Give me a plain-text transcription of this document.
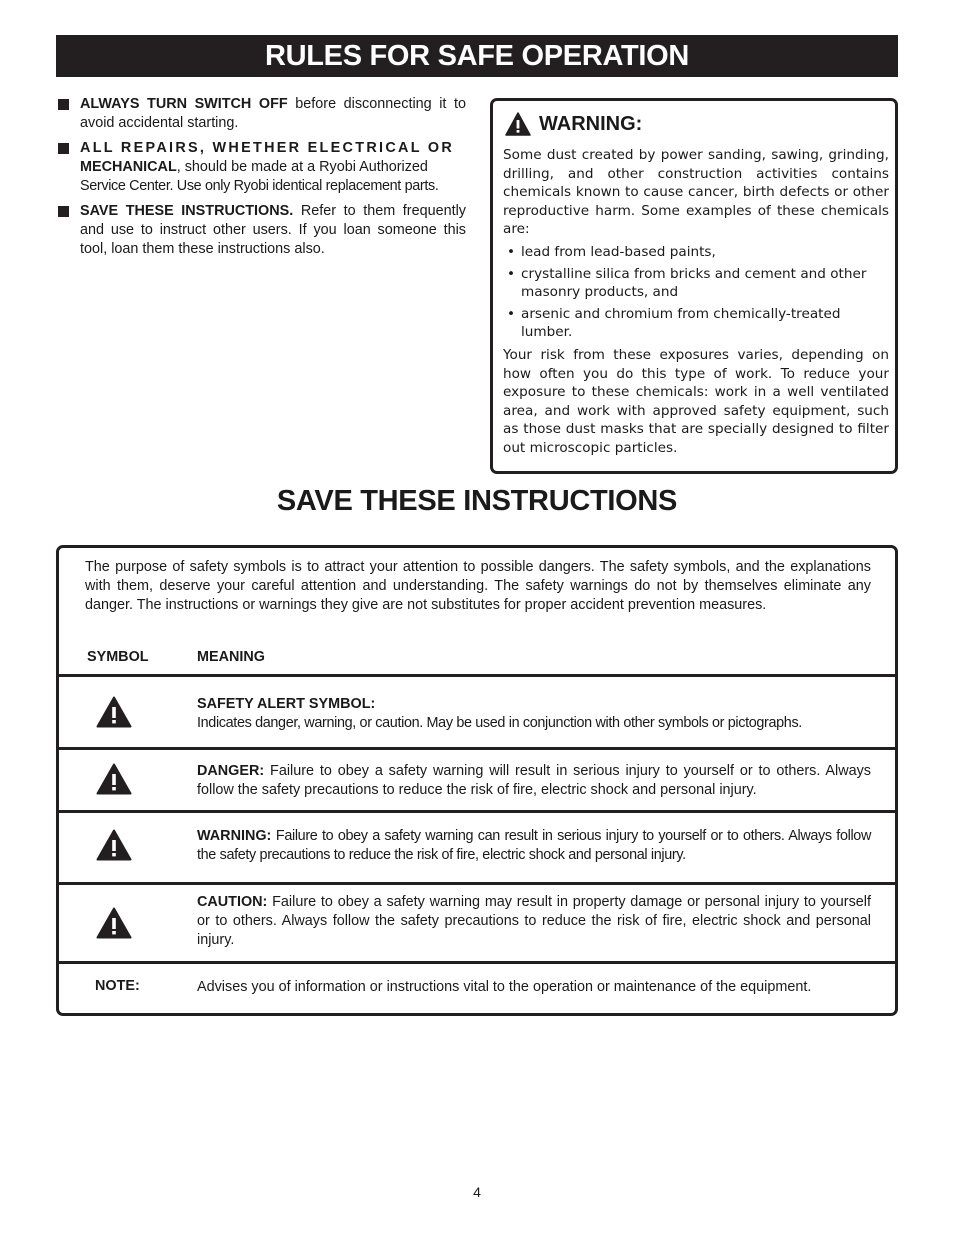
RULES FOR SAFE OPERATION
ALWAYS TURN SWITCH OFF before disconnecting it to avoid accidental starting.
ALL REPAIRS, WHETHER ELECTRICAL OR
MECHANICAL, should be made at a Ryobi Authorized
Service Center. Use only Ryobi identical replacement parts.
SAVE THESE INSTRUCTIONS. Refer to them frequently and use to instruct other users. If you loan someone this tool, loan them these instructions also.
WARNING:

Some dust created by power sanding, sawing, grinding, drilling, and other construction activities contains chemicals known to cause cancer, birth defects or other reproductive harm. Some examples of these chemicals are:

• lead from lead-based paints,
• crystalline silica from bricks and cement and other masonry products, and
• arsenic and chromium from chemically-treated lumber.

Your risk from these exposures varies, depending on how often you do this type of work. To reduce your exposure to these chemicals: work in a well ventilated area, and work with approved safety equipment, such as those dust masks that are specially designed to filter out microscopic particles.

SAVE THESE INSTRUCTIONS

The purpose of safety symbols is to attract your attention to possible dangers. The safety symbols, and the explanations with them, deserve your careful attention and understanding. The safety warnings do not by themselves eliminate any danger. The instructions or warnings they give are not substitutes for proper accident prevention measures.

SYMBOL	MEANING

SAFETY ALERT SYMBOL:
Indicates danger, warning, or caution. May be used in conjunction with other symbols or pictographs.

DANGER: Failure to obey a safety warning will result in serious injury to yourself or to others. Always follow the safety precautions to reduce the risk of fire, electric shock and personal injury.

WARNING: Failure to obey a safety warning can result in serious injury to yourself or to others. Always follow the safety precautions to reduce the risk of fire, electric shock and personal injury.

CAUTION: Failure to obey a safety warning may result in property damage or personal injury to yourself or to others. Always follow the safety precautions to reduce the risk of fire, electric shock and personal injury.

NOTE:	Advises you of information or instructions vital to the operation or maintenance of the equipment.

4
